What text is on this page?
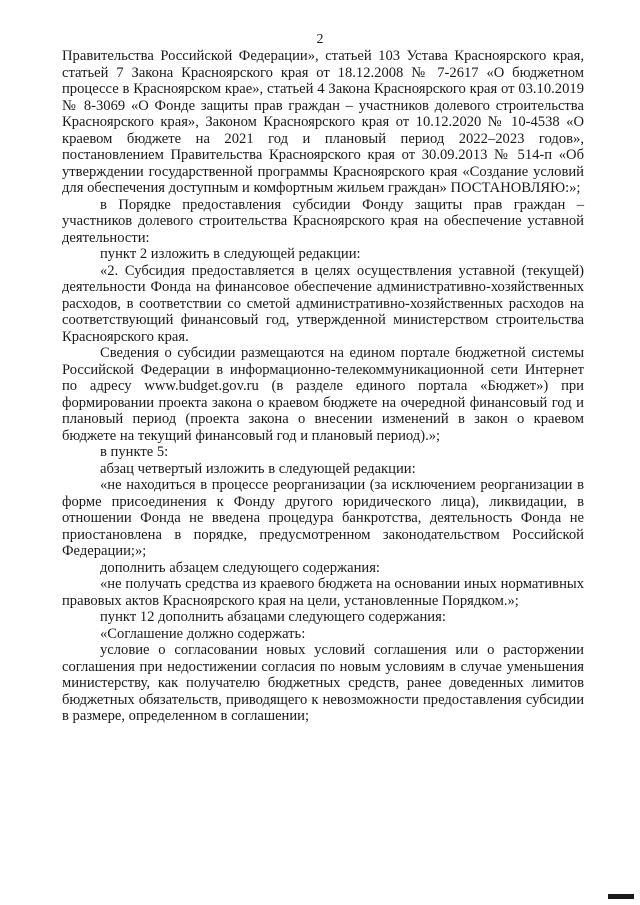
2

Правительства Российской Федерации», статьей 103 Устава Красноярского края, статьей 7 Закона Красноярского края от 18.12.2008 № 7-2617 «О бюджетном процессе в Красноярском крае», статьей 4 Закона Красноярского края от 03.10.2019 № 8-3069 «О Фонде защиты прав граждан – участников долевого строительства Красноярского края», Законом Красноярского края от 10.12.2020 № 10-4538 «О краевом бюджете на 2021 год и плановый период 2022–2023 годов», постановлением Правительства Красноярского края от 30.09.2013 № 514-п «Об утверждении государственной программы Красноярского края «Создание условий для обеспечения доступным и комфортным жильем граждан» ПОСТАНОВЛЯЮ:»;

в Порядке предоставления субсидии Фонду защиты прав граждан – участников долевого строительства Красноярского края на обеспечение уставной деятельности:

пункт 2 изложить в следующей редакции:

«2. Субсидия предоставляется в целях осуществления уставной (текущей) деятельности Фонда на финансовое обеспечение административно-хозяйственных расходов, в соответствии со сметой административно-хозяйственных расходов на соответствующий финансовый год, утвержденной министерством строительства Красноярского края.

Сведения о субсидии размещаются на едином портале бюджетной системы Российской Федерации в информационно-телекоммуникационной сети Интернет по адресу www.budget.gov.ru (в разделе единого портала «Бюджет») при формировании проекта закона о краевом бюджете на очередной финансовый год и плановый период (проекта закона о внесении изменений в закон о краевом бюджете на текущий финансовый год и плановый период).»;

в пункте 5:

абзац четвертый изложить в следующей редакции:

«не находиться в процессе реорганизации (за исключением реорганизации в форме присоединения к Фонду другого юридического лица), ликвидации, в отношении Фонда не введена процедура банкротства, деятельность Фонда не приостановлена в порядке, предусмотренном законодательством Российской Федерации;»;

дополнить абзацем следующего содержания:

«не получать средства из краевого бюджета на основании иных нормативных правовых актов Красноярского края на цели, установленные Порядком.»;

пункт 12 дополнить абзацами следующего содержания:

«Соглашение должно содержать:

условие о согласовании новых условий соглашения или о расторжении соглашения при недостижении согласия по новым условиям в случае уменьшения министерству, как получателю бюджетных средств, ранее доведенных лимитов бюджетных обязательств, приводящего к невозможности предоставления субсидии в размере, определенном в соглашении;
